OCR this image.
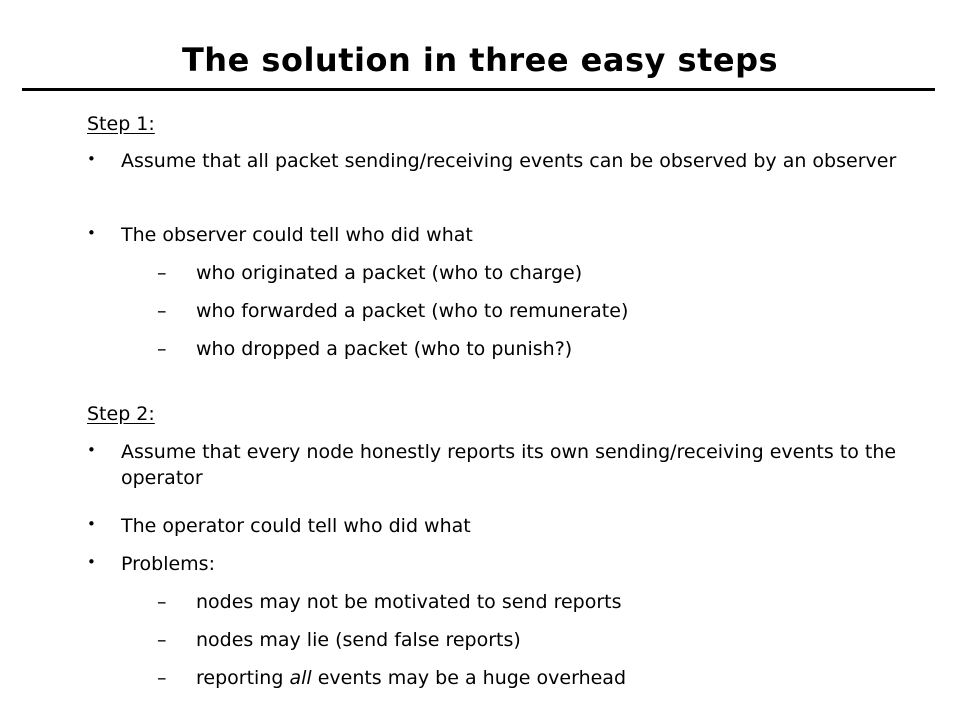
The solution in three easy steps
Step 1:
• Assume that all packet sending/receiving events can be observed by an observer
• The observer could tell who did what
– who originated a packet (who to charge)
– who forwarded a packet (who to remunerate)
– who dropped a packet (who to punish?)
Step 2:
• Assume that every node honestly reports its own sending/receiving events to the operator
• The operator could tell who did what
• Problems:
– nodes may not be motivated to send reports
– nodes may lie (send false reports)
– reporting all events may be a huge overhead
